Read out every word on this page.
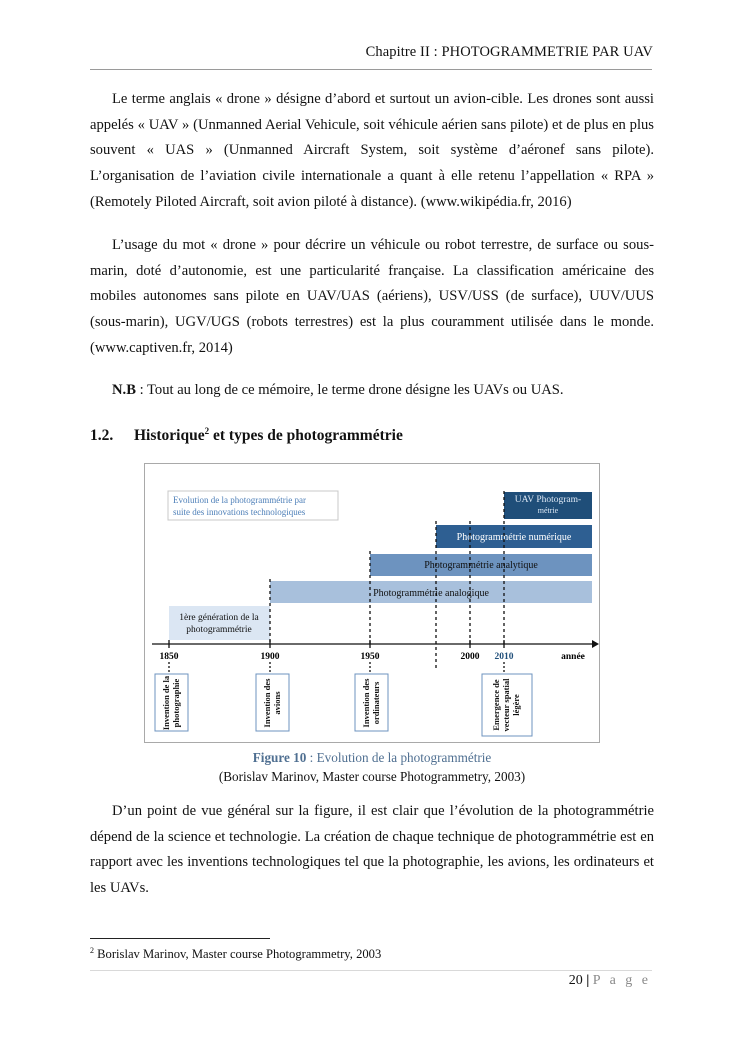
Chapitre II : PHOTOGRAMMETRIE PAR UAV

Le terme anglais « drone » désigne d’abord et surtout un avion-cible. Les drones sont aussi appelés « UAV » (Unmanned Aerial Vehicule, soit véhicule aérien sans pilote) et de plus en plus souvent « UAS » (Unmanned Aircraft System, soit système d’aéronef sans pilote). L’organisation de l’aviation civile internationale a quant à elle retenu l’appellation « RPA » (Remotely Piloted Aircraft, soit avion piloté à distance). (www.wikipédia.fr, 2016)

L’usage du mot « drone » pour décrire un véhicule ou robot terrestre, de surface ou sous-marin, doté d’autonomie, est une particularité française. La classification américaine des mobiles autonomes sans pilote en UAV/UAS (aériens), USV/USS (de surface), UUV/UUS (sous-marin), UGV/UGS (robots terrestres) est la plus couramment utilisée dans le monde. (www.captiven.fr, 2014)

N.B : Tout au long de ce mémoire, le terme drone désigne les UAVs ou UAS.

1.2. Historique$^2$ et types de photogrammétrie
Evolution de la photogrammétrie par
suite des innovations technologiques
UAV Photogram-
métrie
Photogrammétrie numérique
Photogrammétrie analytique
Photogrammétrie analogique
1ère génération de la
photogrammétrie
1850	1900	1950	2000 2010	année
Invention de la photographie	Invention des avions	Invention des ordinateurs	Emergence de vecteur spatial légère
Figure 10 : Evolution de la photogrammétrie
(Borislav Marinov, Master course Photogrammetry, 2003)

D’un point de vue général sur la figure, il est clair que l’évolution de la photogrammétrie dépend de la science et technologie. La création de chaque technique de photogrammétrie est en rapport avec les inventions technologiques tel que la photographie, les avions, les ordinateurs et les UAVs.

$^2$ Borislav Marinov, Master course Photogrammetry, 2003
20 | P a g e
